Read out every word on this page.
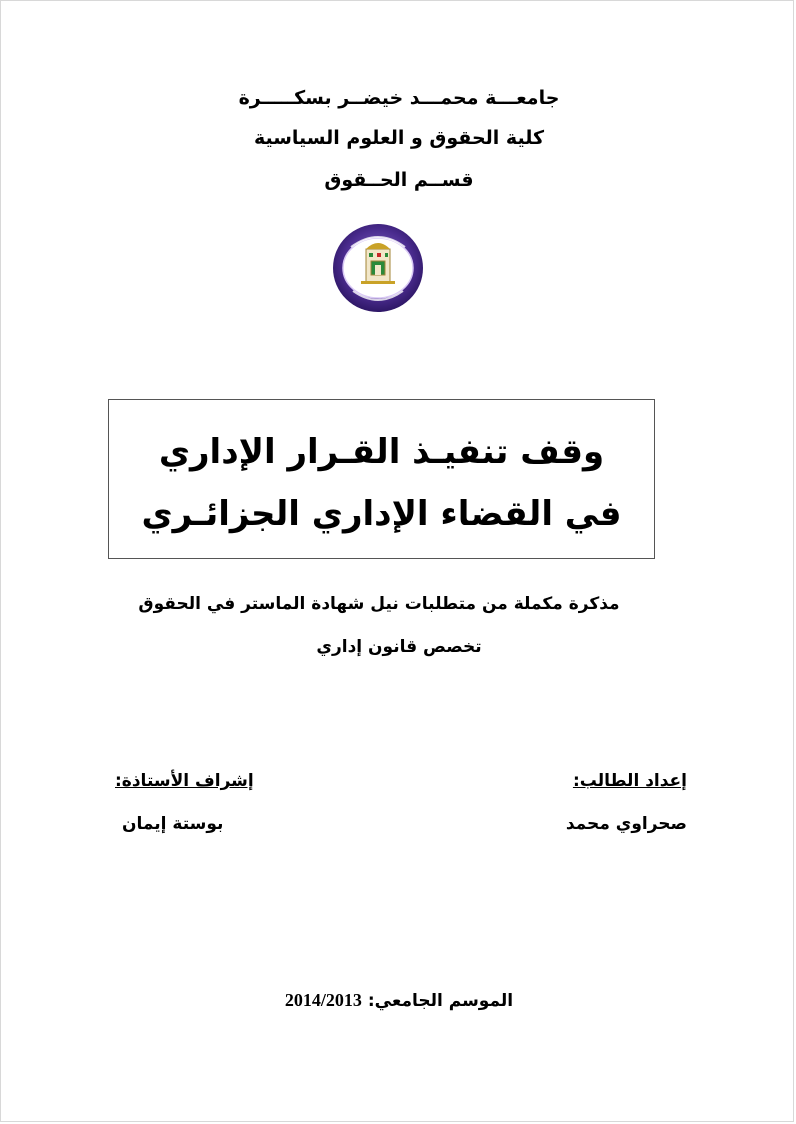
جامعـــة محمـــد خيضــر بسكـــــرة
كلية الحقوق و العلوم السياسية
قســم الحــقوق
وقف تنفيـذ القـرار الإداري
في القضاء الإداري الجزائـري
مذكرة مكملة من متطلبات نيل شهادة الماستر في الحقوق
تخصص قانون إداري
إعداد الطالب:
صحراوي محمد
إشراف الأستاذة:
بوستة إيمان
الموسم الجامعي: 2014/2013
